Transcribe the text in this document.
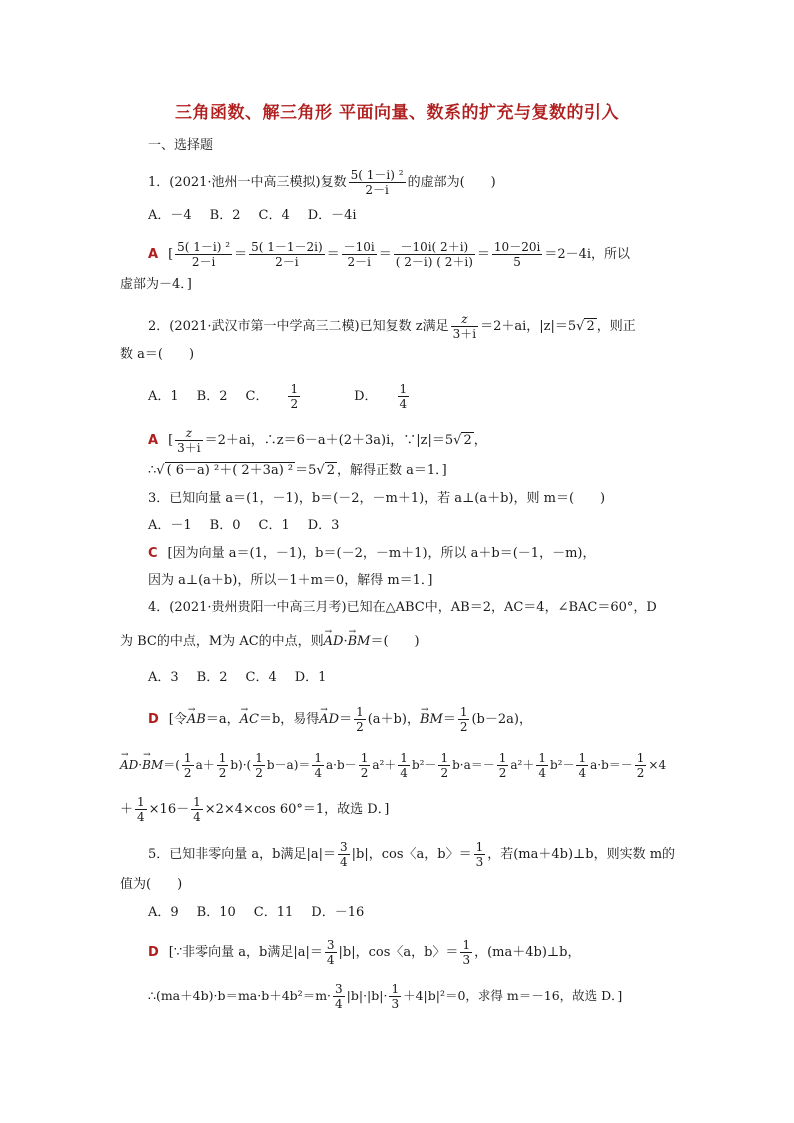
三角函数、解三角形 平面向量、数系的扩充与复数的引入
一、选择题
1．(2021·池州一中高三模拟)复数 $\frac{\text{5( 1－i) ²}}{2-i}$ 的虚部为(　　)
A．－4 B．2 C．4 D．－4i
A [ $\frac{\text{5( 1－i) ²}}{2-i} = \frac{5( 1-1-2i)}{2-i} = \frac{-10i}{2-i} = \frac{-10i( 2+i)}{( 2-i) ( 2+i)} = \frac{10-20i}{5} =2-4i$，所以
虚部为－4．]
2．(2021·武汉市第一中学高三二模)已知复数 z满足 $\frac{z}{3+i} =2+ai$，|z|＝5√ 2 ，则正
数 a＝(　　)
A．1 B．2 C． $\frac{1}{2}$	D． $\frac{1}{4}$
A [ $\frac{z}{3+i} =2+ai$，∴z＝6－a＋(2＋3a)i，∵|z|＝5√ 2 ，
∴√ ( 6－a) ²＋( 2＋3a) ² ＝5√ 2 ，解得正数 a＝1．]
3．已知向量 a＝(1，－1)，b＝(－2，－m＋1)，若 a⊥(a＋b)，则 m＝(　　)
A．－1 B．0 C．1 D．3
C [因为向量 a＝(1，－1)，b＝(－2，－m＋1)，所以 a＋b＝(－1，－m)，
因为 a⊥(a＋b)，所以－1＋m＝0，解得 m＝1．]
4．(2021·贵州贵阳一中高三月考)已知在△ABC中，AB＝2，AC＝4，∠BAC＝60°，D
为 BC的中点，M为 AC的中点，则→ AD·→ BM＝(　　)
A．3 B．2 C．4 D．1
D [令→ AB＝a，→ AC＝b，易得→ $AD= \frac{1}{2} (a+b)$，→ $BM= \frac{1}{2} (b-2a)$，
→ $AD\cdot\to BM=( \frac{1}{2} a+ \frac{1}{2} b)\cdot( \frac{1}{2} b-a)= \frac{1}{4} a\cdot b- \frac{1}{2} a^2+ \frac{1}{4} b^2- \frac{1}{2} b\cdot a=- \frac{1}{2} a^2+ \frac{1}{4} b^2- \frac{1}{4} a\cdot b=- \frac{1}{2} \times 4$
＋ $\frac{1}{4} \times 16- \frac{1}{4} \times 2\times 4\times\cos$ 60°＝1，故选 D．]
5．已知非零向量 a，b满足$|a|= \frac{3}{4} |b|$，cos〈a，b〉＝ $\frac{1}{3}$ ，若(ma＋4b)⊥b，则实数 m的
值为(　　)
A．9 B．10 C．11 D．－16
D [∵非零向量 a，b满足$|a|= \frac{3}{4} |b|$，cos〈a，b〉＝ $\frac{1}{3}$ ，(ma＋4b)⊥b，
∴(ma＋4b)·b＝ma·b＋4b²＝m· $\frac{3}{4} |b|\cdot|b|\cdot \frac{1}{3} +4|b|^2=0$，求得 m＝－16，故选 D．]
